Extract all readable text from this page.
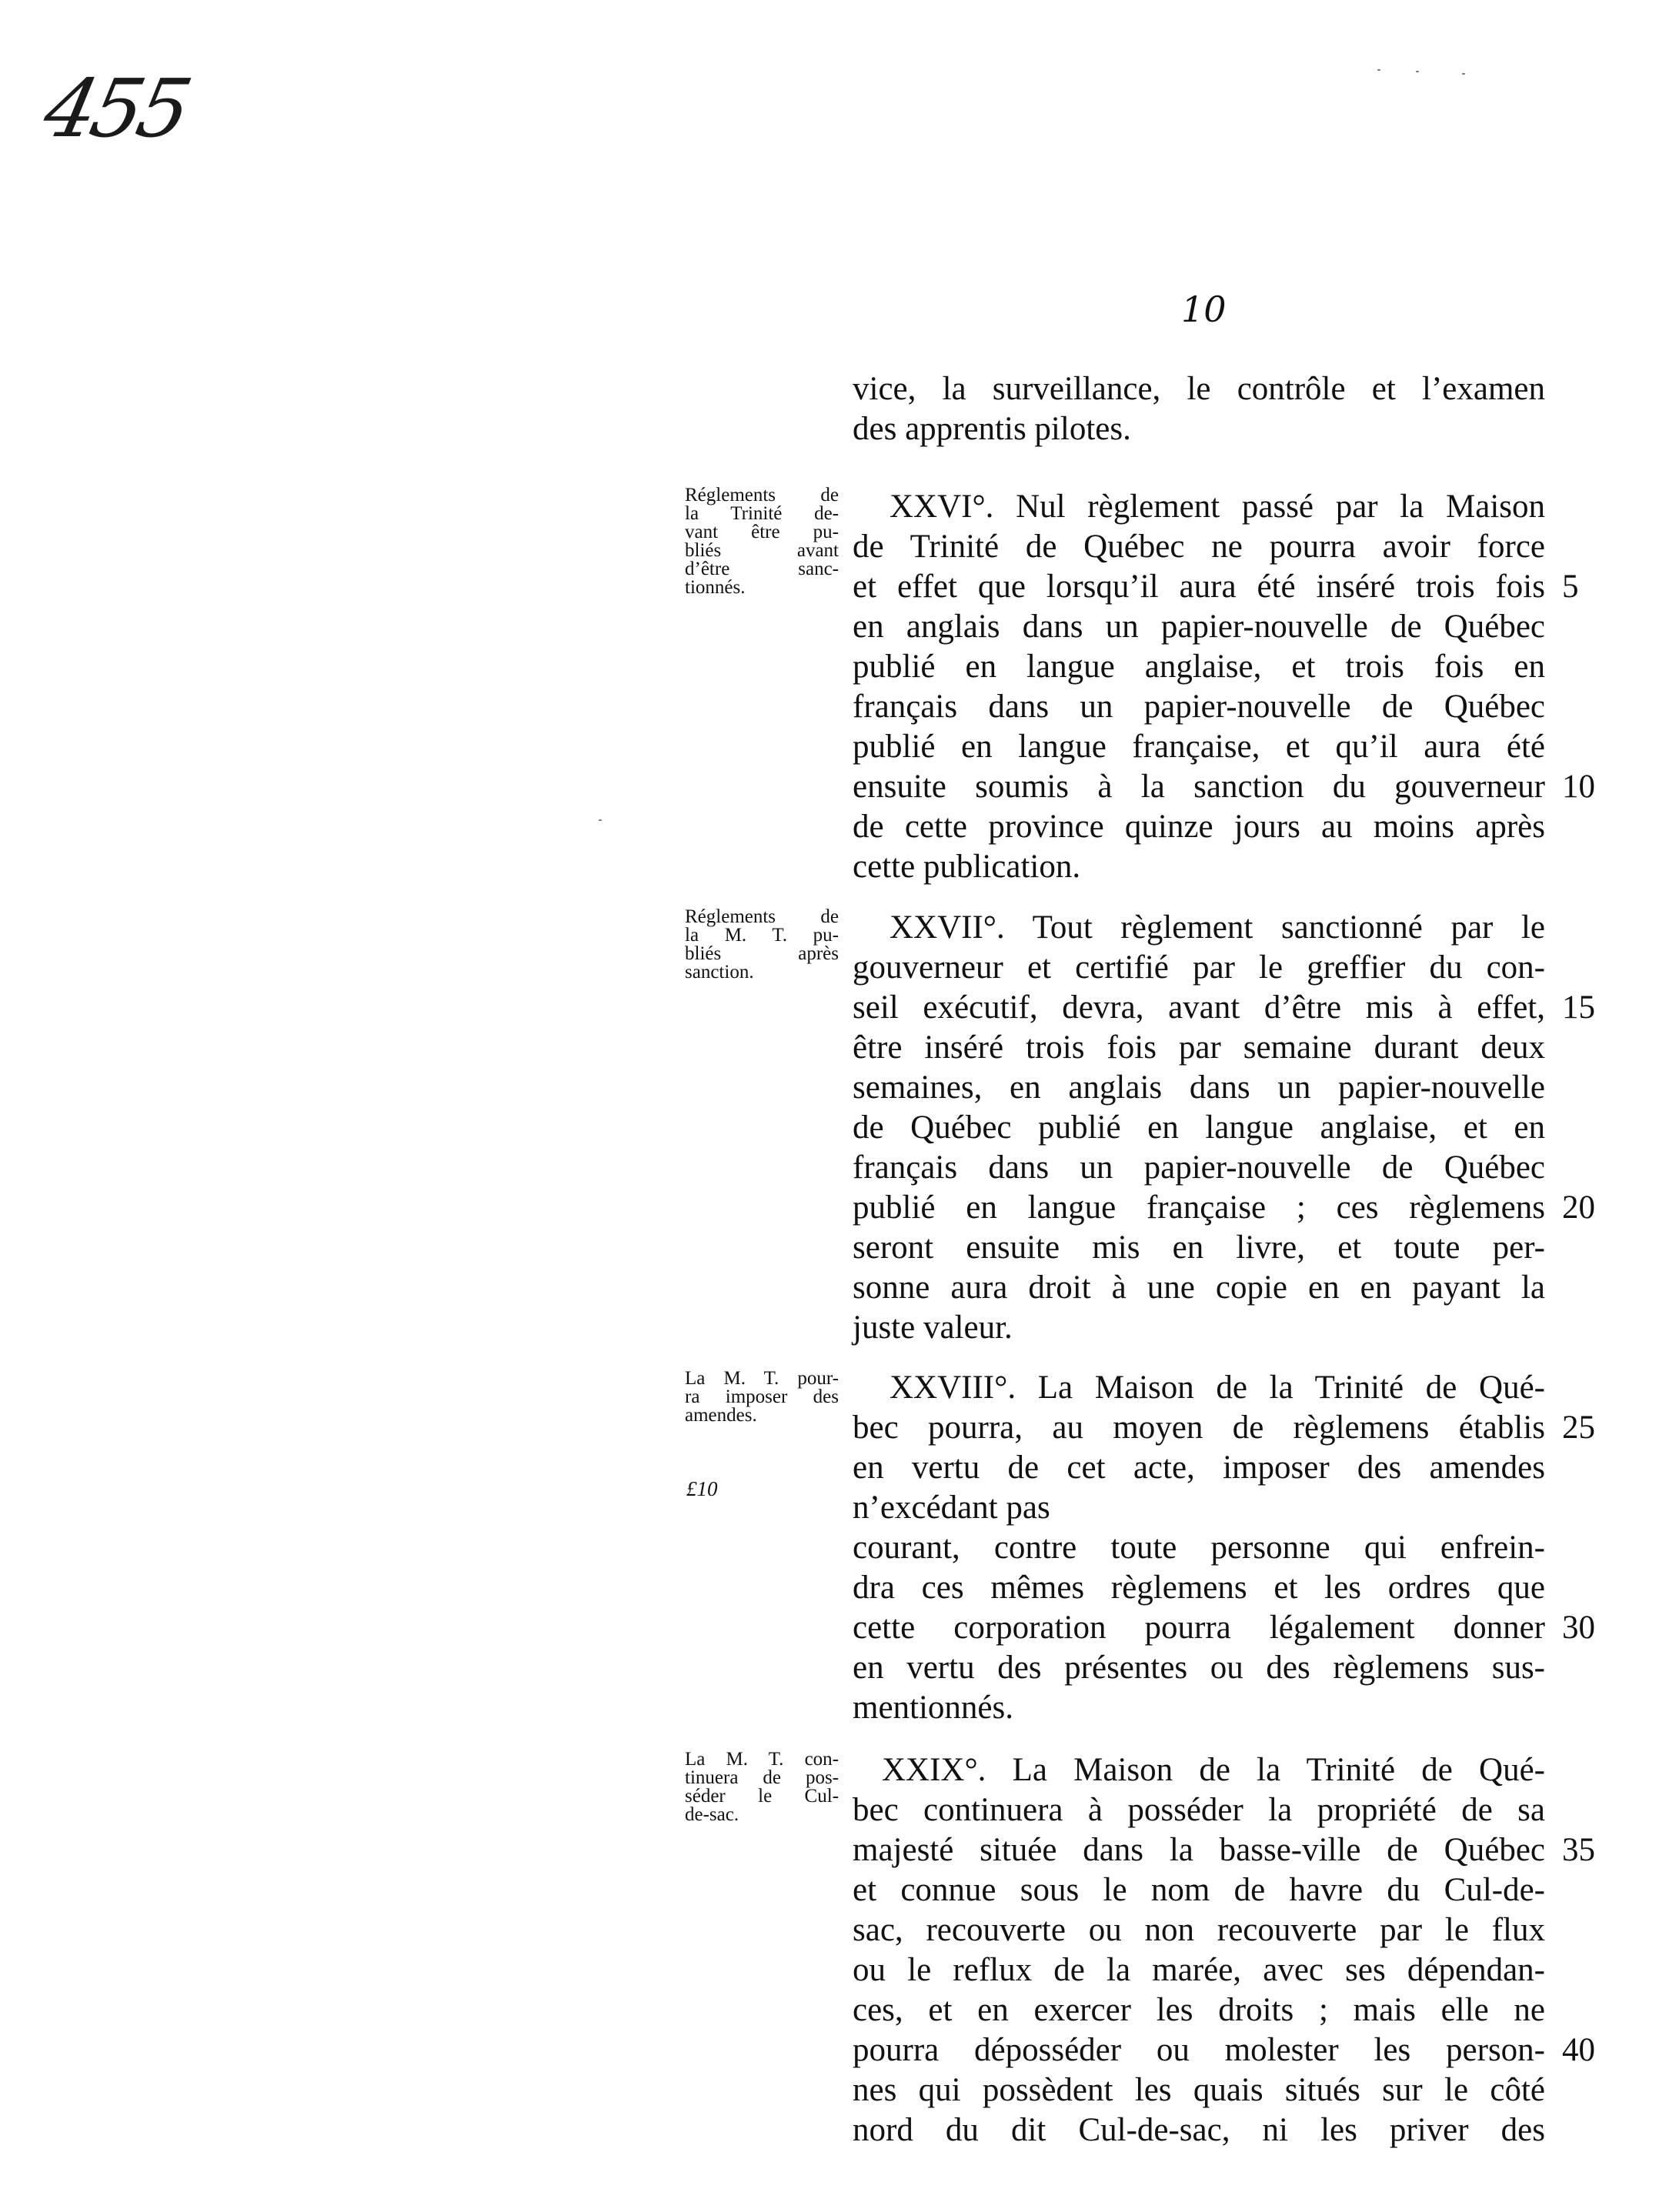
455
10
vice, la surveillance, le contrôle et l’examen
des apprentis pilotes.
XXVI°. Nul règlement passé par la Maison
de Trinité de Québec ne pourra avoir force
et effet que lorsqu’il aura été inséré trois fois
en anglais dans un papier-nouvelle de Québec
publié en langue anglaise, et trois fois en
français dans un papier-nouvelle de Québec
publié en langue française, et qu’il aura été
ensuite soumis à la sanction du gouverneur
de cette province quinze jours au moins après
cette publication.
XXVII°. Tout règlement sanctionné par le
gouverneur et certifié par le greffier du con-
seil exécutif, devra, avant d’être mis à effet,
être inséré trois fois par semaine durant deux
semaines, en anglais dans un papier-nouvelle
de Québec publié en langue anglaise, et en
français dans un papier-nouvelle de Québec
publié en langue française ; ces règlemens
seront ensuite mis en livre, et toute per-
sonne aura droit à une copie en en payant la
juste valeur.
XXVIII°. La Maison de la Trinité de Qué-
bec pourra, au moyen de règlemens établis
en vertu de cet acte, imposer des amendes
n’excédant pas
courant, contre toute personne qui enfrein-
dra ces mêmes règlemens et les ordres que
cette corporation pourra légalement donner
en vertu des présentes ou des règlemens sus-
mentionnés.
XXIX°. La Maison de la Trinité de Qué-
bec continuera à posséder la propriété de sa
majesté située dans la basse-ville de Québec
et connue sous le nom de havre du Cul-de-
sac, recouverte ou non recouverte par le flux
ou le reflux de la marée, avec ses dépendan-
ces, et en exercer les droits ; mais elle ne
pourra déposséder ou molester les person-
nes qui possèdent les quais situés sur le côté
nord du dit Cul-de-sac, ni les priver des
5
10
15
20
25
30
35
40
Réglements de
la Trinité de-
vant être pu-
bliés avant
d’être sanc-
tionnés.
Réglements de
la M. T. pu-
bliés après
sanction.
La M. T. pour-
ra imposer des
amendes.
£10
La M. T. con-
tinuera de pos-
séder le Cul-
de-sac.
